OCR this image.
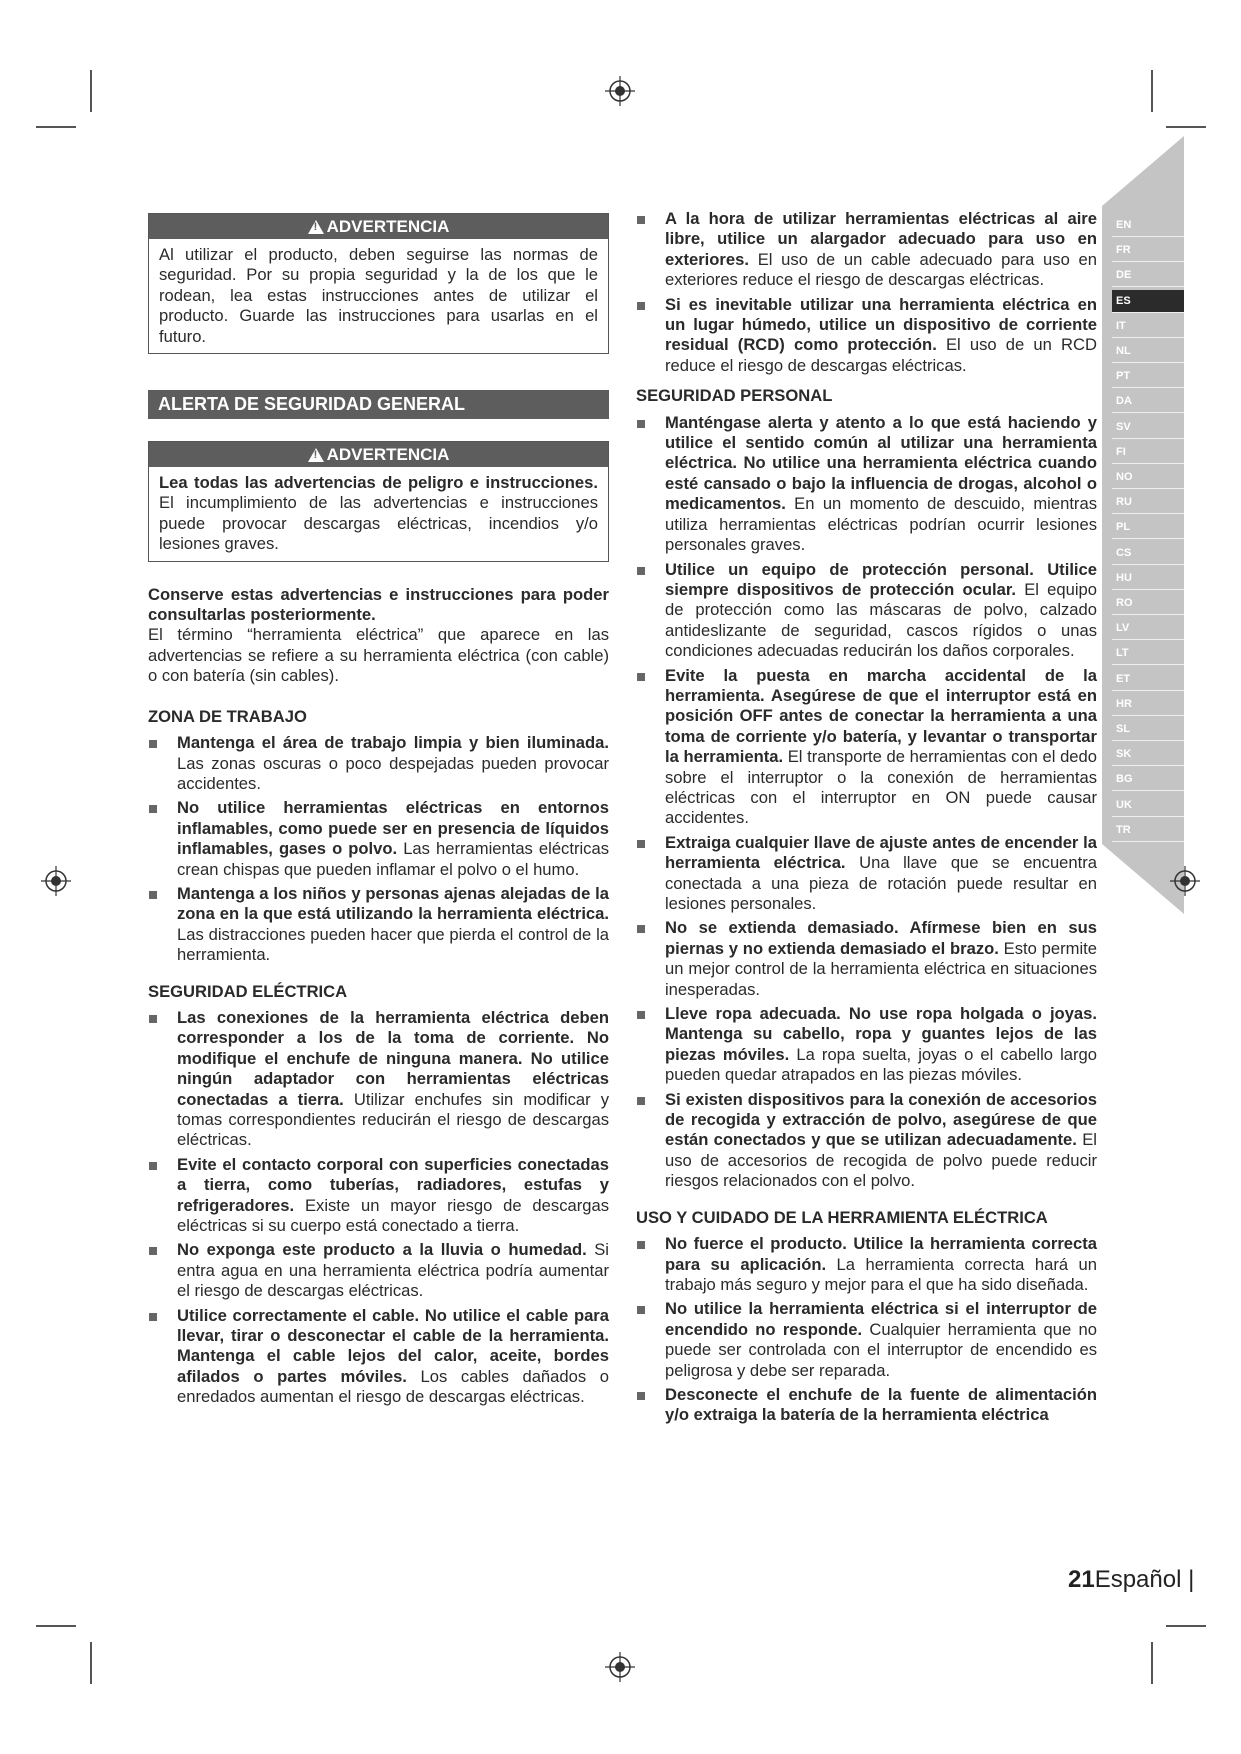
EN
FR
DE
ES
IT
NL
PT
DA
SV
FI
NO
RU
PL
CS
HU
RO
LV
LT
ET
HR
SL
SK
BG
UK
TR
!
ADVERTENCIA
Al utilizar el producto, deben seguirse las normas de seguridad. Por su propia seguridad y la de los que le rodean, lea estas instrucciones antes de utilizar el producto. Guarde las instrucciones para usarlas en el futuro.
ALERTA DE SEGURIDAD GENERAL
!
ADVERTENCIA
Lea todas las advertencias de peligro e instrucciones. El incumplimiento de las advertencias e instrucciones puede provocar descargas eléctricas, incendios y/o lesiones graves.

Conserve estas advertencias e instrucciones para poder consultarlas posteriormente.

El término “herramienta eléctrica” que aparece en las advertencias se refiere a su herramienta eléctrica (con cable) o con batería (sin cables).

ZONA DE TRABAJO

Mantenga el área de trabajo limpia y bien iluminada. Las zonas oscuras o poco despejadas pueden provocar accidentes.
No utilice herramientas eléctricas en entornos inflamables, como puede ser en presencia de líquidos inflamables, gases o polvo. Las herramientas eléctricas crean chispas que pueden inflamar el polvo o el humo.
Mantenga a los niños y personas ajenas alejadas de la zona en la que está utilizando la herramienta eléctrica. Las distracciones pueden hacer que pierda el control de la herramienta.

SEGURIDAD ELÉCTRICA

Las conexiones de la herramienta eléctrica deben corresponder a los de la toma de corriente. No modifique el enchufe de ninguna manera. No utilice ningún adaptador con herramientas eléctricas conectadas a tierra. Utilizar enchufes sin modificar y tomas correspondientes reducirán el riesgo de descargas eléctricas.
Evite el contacto corporal con superficies conectadas a tierra, como tuberías, radiadores, estufas y refrigeradores. Existe un mayor riesgo de descargas eléctricas si su cuerpo está conectado a tierra.
No exponga este producto a la lluvia o humedad. Si entra agua en una herramienta eléctrica podría aumentar el riesgo de descargas eléctricas.
Utilice correctamente el cable. No utilice el cable para llevar, tirar o desconectar el cable de la herramienta. Mantenga el cable lejos del calor, aceite, bordes afilados o partes móviles. Los cables dañados o enredados aumentan el riesgo de descargas eléctricas.
A la hora de utilizar herramientas eléctricas al aire libre, utilice un alargador adecuado para uso en exteriores. El uso de un cable adecuado para uso en exteriores reduce el riesgo de descargas eléctricas.
Si es inevitable utilizar una herramienta eléctrica en un lugar húmedo, utilice un dispositivo de corriente residual (RCD) como protección. El uso de un RCD reduce el riesgo de descargas eléctricas.

SEGURIDAD PERSONAL

Manténgase alerta y atento a lo que está haciendo y utilice el sentido común al utilizar una herramienta eléctrica. No utilice una herramienta eléctrica cuando esté cansado o bajo la influencia de drogas, alcohol o medicamentos. En un momento de descuido, mientras utiliza herramientas eléctricas podrían ocurrir lesiones personales graves.
Utilice un equipo de protección personal. Utilice siempre dispositivos de protección ocular. El equipo de protección como las máscaras de polvo, calzado antideslizante de seguridad, cascos rígidos o unas condiciones adecuadas reducirán los daños corporales.
Evite la puesta en marcha accidental de la herramienta. Asegúrese de que el interruptor está en posición OFF antes de conectar la herramienta a una toma de corriente y/o batería, y levantar o transportar la herramienta. El transporte de herramientas con el dedo sobre el interruptor o la conexión de herramientas eléctricas con el interruptor en ON puede causar accidentes.
Extraiga cualquier llave de ajuste antes de encender la herramienta eléctrica. Una llave que se encuentra conectada a una pieza de rotación puede resultar en lesiones personales.
No se extienda demasiado. Afírmese bien en sus piernas y no extienda demasiado el brazo. Esto permite un mejor control de la herramienta eléctrica en situaciones inesperadas.
Lleve ropa adecuada. No use ropa holgada o joyas. Mantenga su cabello, ropa y guantes lejos de las piezas móviles. La ropa suelta, joyas o el cabello largo pueden quedar atrapados en las piezas móviles.
Si existen dispositivos para la conexión de accesorios de recogida y extracción de polvo, asegúrese de que están conectados y que se utilizan adecuadamente. El uso de accesorios de recogida de polvo puede reducir riesgos relacionados con el polvo.

USO Y CUIDADO DE LA HERRAMIENTA ELÉCTRICA

No fuerce el producto. Utilice la herramienta correcta para su aplicación. La herramienta correcta hará un trabajo más seguro y mejor para el que ha sido diseñada.
No utilice la herramienta eléctrica si el interruptor de encendido no responde. Cualquier herramienta que no puede ser controlada con el interruptor de encendido es peligrosa y debe ser reparada.
Desconecte el enchufe de la fuente de alimentación y/o extraiga la batería de la herramienta eléctrica
21Español |
